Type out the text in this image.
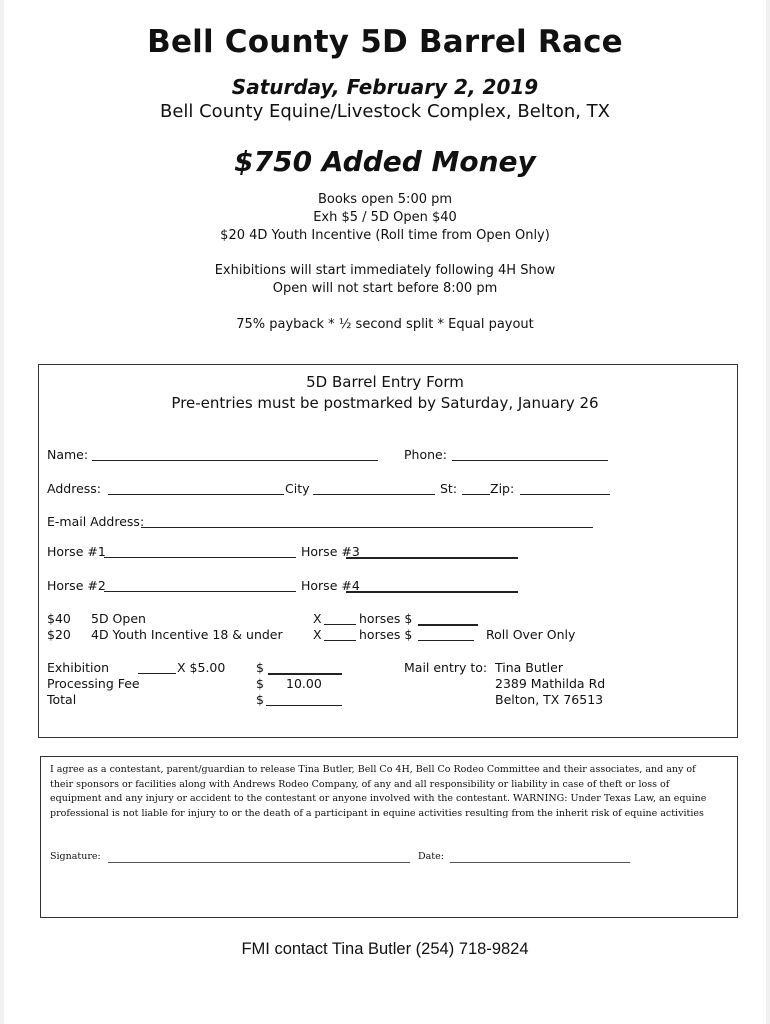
Bell County 5D Barrel Race
Saturday, February 2, 2019
Bell County Equine/Livestock Complex, Belton, TX
$750 Added Money
Books open 5:00 pm
Exh $5 / 5D Open $40
$20 4D Youth Incentive (Roll time from Open Only)
Exhibitions will start immediately following 4H Show
Open will not start before 8:00 pm
75% payback * ½ second split * Equal payout
5D Barrel Entry Form
Pre-entries must be postmarked by Saturday, January 26
Name:	Phone:
Address:	City	St:	Zip:
E-mail Address:
Horse #1	Horse #3
Horse #2	Horse #4
$40 5D Open	X	horses $
$20 4D Youth Incentive 18 & under X	horses $	Roll Over Only
Exhibition	X $5.00 $
Processing Fee	$ 10.00
Total	$
Mail entry to: Tina Butler
2389 Mathilda Rd
Belton, TX 76513
I agree as a contestant, parent/guardian to release Tina Butler, Bell Co 4H, Bell Co Rodeo Committee and their associates, and any of their sponsors or facilities along with Andrews Rodeo Company, of any and all responsibility or liability in case of theft or loss of equipment and any injury or accident to the contestant or anyone involved with the contestant. WARNING: Under Texas Law, an equine professional is not liable for injury to or the death of a participant in equine activities resulting from the inherit risk of equine activities
Signature:	Date:
FMI contact Tina Butler (254) 718-9824
